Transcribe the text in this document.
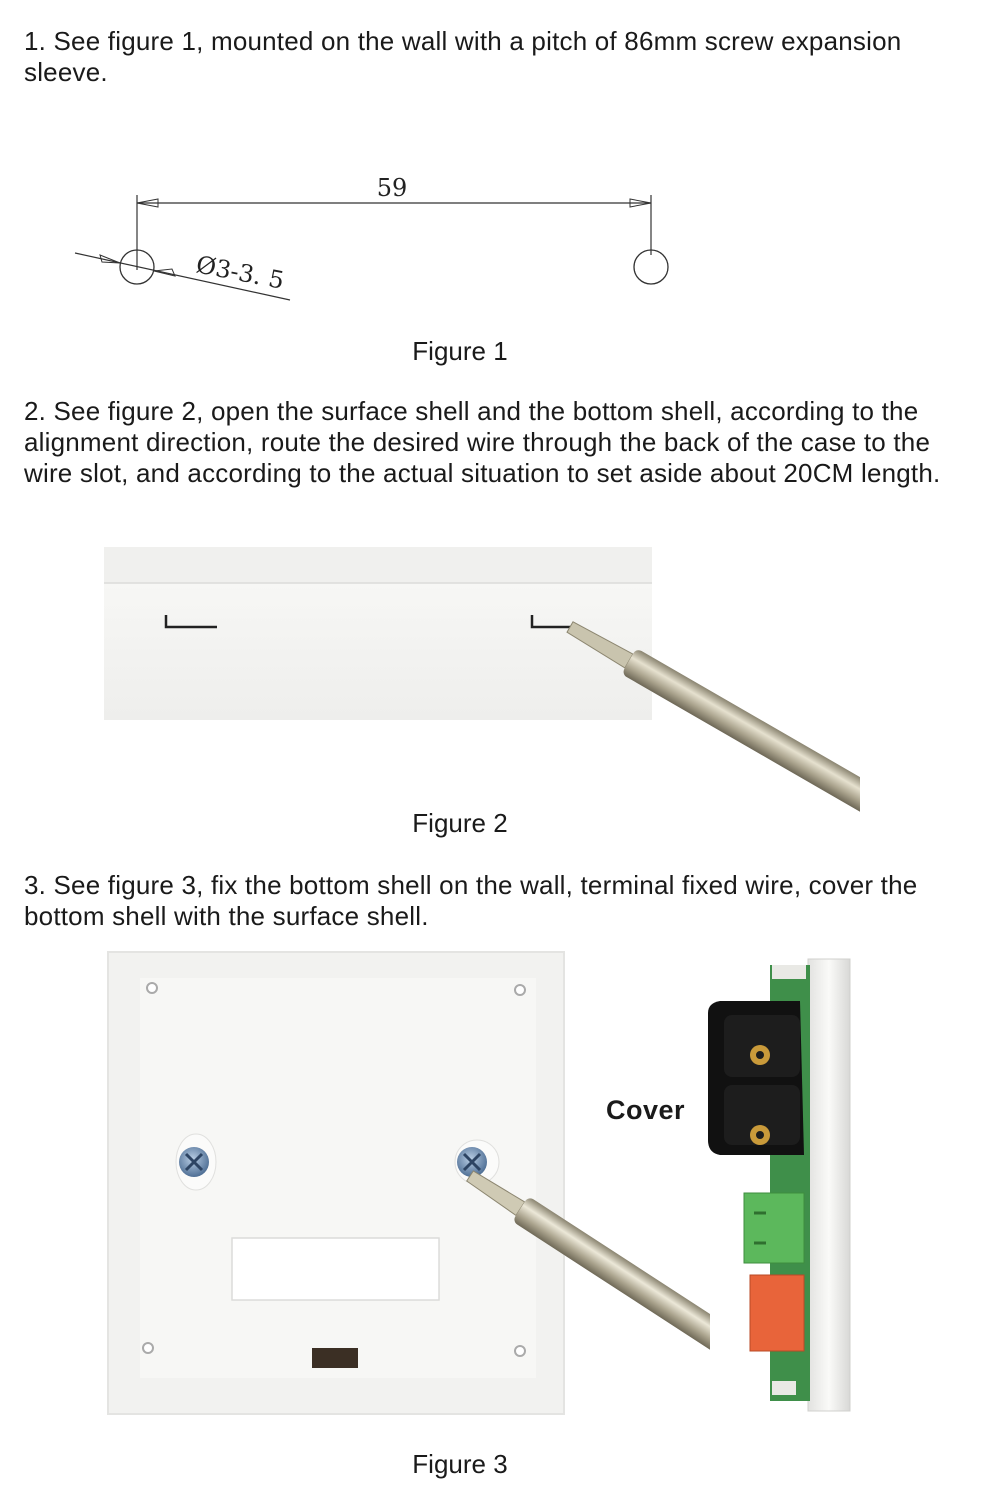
1. See figure 1, mounted on the wall with a pitch of 86mm screw expansion sleeve.

59
Ø3-3. 5

Figure 1

2. See figure 2, open the surface shell and the bottom shell, according to the alignment direction, route the desired wire through the back of the case to the wire slot, and according to the actual situation to set aside about 20CM length.

Figure 2

3. See figure 3, fix the bottom shell on the wall, terminal fixed wire, cover the bottom shell with the surface shell.

Cover

Figure 3
